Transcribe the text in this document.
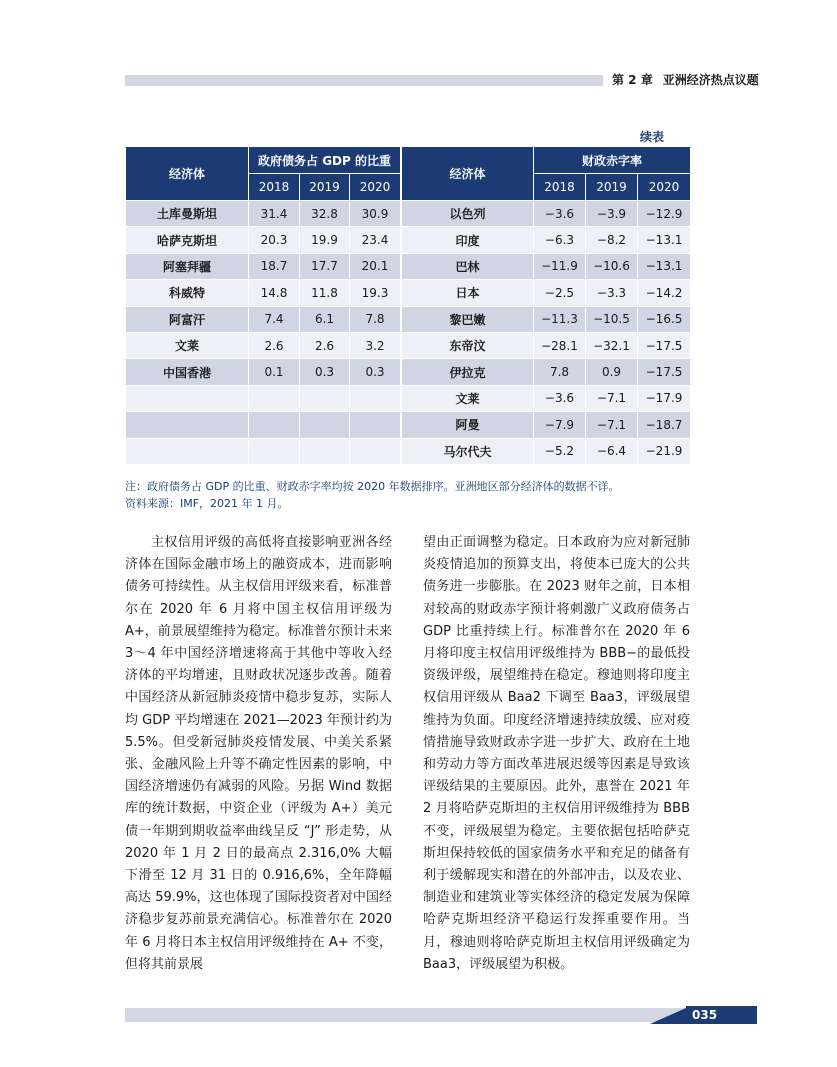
第 2 章 亚洲经济热点议题
续表
经济体	政府债务占 GDP 的比重		
	2018	2019	2020
土库曼斯坦	31.4	32.8	30.9
哈萨克斯坦	20.3	19.9	23.4
阿塞拜疆	18.7	17.7	20.1
科威特	14.8	11.8	19.3
阿富汗	7.4	6.1	7.8
文莱	2.6	2.6	3.2
中国香港	0.1	0.3	0.3

经济体	财政赤字率		
	2018	2019	2020
以色列	−3.6	−3.9	−12.9
印度	−6.3	−8.2	−13.1
巴林	−11.9	−10.6	−13.1
日本	−2.5	−3.3	−14.2
黎巴嫩	−11.3	−10.5	−16.5
东帝汶	−28.1	−32.1	−17.5
伊拉克	7.8	0.9	−17.5
文莱	−3.6	−7.1	−17.9
阿曼	−7.9	−7.1	−18.7
马尔代夫	−5.2	−6.4	−21.9
注：政府债务占 GDP 的比重、财政赤字率均按 2020 年数据排序。亚洲地区部分经济体的数据不详。
资料来源：IMF，2021 年 1 月。
主权信用评级的高低将直接影响亚洲各经济体在国际金融市场上的融资成本，进而影响债务可持续性。从主权信用评级来看，标准普尔在 2020 年 6 月将中国主权信用评级为 A+，前景展望维持为稳定。标准普尔预计未来 3～4 年中国经济增速将高于其他中等收入经济体的平均增速，且财政状况逐步改善。随着中国经济从新冠肺炎疫情中稳步复苏，实际人均 GDP 平均增速在 2021—2023 年预计约为 5.5%。但受新冠肺炎疫情发展、中美关系紧张、金融风险上升等不确定性因素的影响，中国经济增速仍有减弱的风险。另据 Wind 数据库的统计数据，中资企业（评级为 A+）美元债一年期到期收益率曲线呈反 “J” 形走势，从 2020 年 1 月 2 日的最高点 2.316,0% 大幅下滑至 12 月 31 日的 0.916,6%，全年降幅高达 59.9%，这也体现了国际投资者对中国经济稳步复苏前景充满信心。标准普尔在 2020 年 6 月将日本主权信用评级维持在 A+ 不变，但将其前景展
望由正面调整为稳定。日本政府为应对新冠肺炎疫情追加的预算支出，将使本已庞大的公共债务进一步膨胀。在 2023 财年之前，日本相对较高的财政赤字预计将刺激广义政府债务占 GDP 比重持续上行。标准普尔在 2020 年 6 月将印度主权信用评级维持为 BBB−的最低投资级评级，展望维持在稳定。穆迪则将印度主权信用评级从 Baa2 下调至 Baa3，评级展望维持为负面。印度经济增速持续放缓、应对疫情措施导致财政赤字进一步扩大、政府在土地和劳动力等方面改革进展迟缓等因素是导致该评级结果的主要原因。此外，惠誉在 2021 年 2 月将哈萨克斯坦的主权信用评级维持为 BBB 不变，评级展望为稳定。主要依据包括哈萨克斯坦保持较低的国家债务水平和充足的储备有利于缓解现实和潜在的外部冲击，以及农业、制造业和建筑业等实体经济的稳定发展为保障哈萨克斯坦经济平稳运行发挥重要作用。当月，穆迪则将哈萨克斯坦主权信用评级确定为 Baa3，评级展望为积极。
035
